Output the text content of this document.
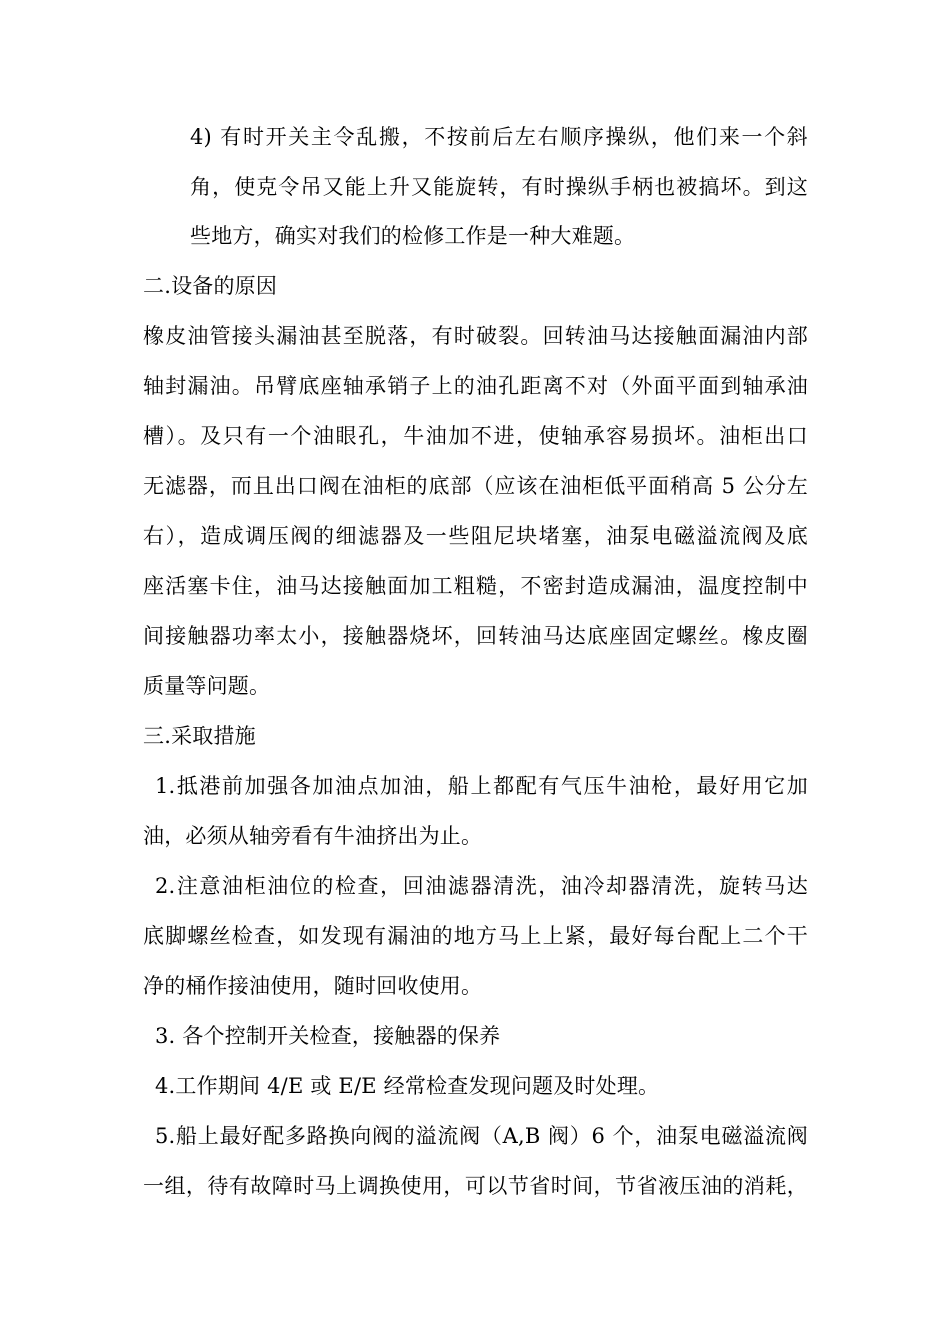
4) 有时开关主令乱搬，不按前后左右顺序操纵，他们来一个斜
角，使克令吊又能上升又能旋转，有时操纵手柄也被搞坏。到这
些地方，确实对我们的检修工作是一种大难题。
二.设备的原因
橡皮油管接头漏油甚至脱落，有时破裂。回转油马达接触面漏油内部
轴封漏油。吊臂底座轴承销子上的油孔距离不对（外面平面到轴承油
槽）。及只有一个油眼孔，牛油加不进，使轴承容易损坏。油柜出口
无滤器，而且出口阀在油柜的底部（应该在油柜低平面稍高 5 公分左
右），造成调压阀的细滤器及一些阻尼块堵塞，油泵电磁溢流阀及底
座活塞卡住，油马达接触面加工粗糙，不密封造成漏油，温度控制中
间接触器功率太小，接触器烧坏，回转油马达底座固定螺丝。橡皮圈
质量等问题。
三.采取措施
1.抵港前加强各加油点加油，船上都配有气压牛油枪，最好用它加
油，必须从轴旁看有牛油挤出为止。
2.注意油柜油位的检查，回油滤器清洗，油冷却器清洗，旋转马达
底脚螺丝检查，如发现有漏油的地方马上上紧，最好每台配上二个干
净的桶作接油使用，随时回收使用。
3. 各个控制开关检查，接触器的保养
4.工作期间 4/E 或 E/E 经常检查发现问题及时处理。
5.船上最好配多路换向阀的溢流阀（A,B 阀）6 个，油泵电磁溢流阀
一组，待有故障时马上调换使用，可以节省时间，节省液压油的消耗，
